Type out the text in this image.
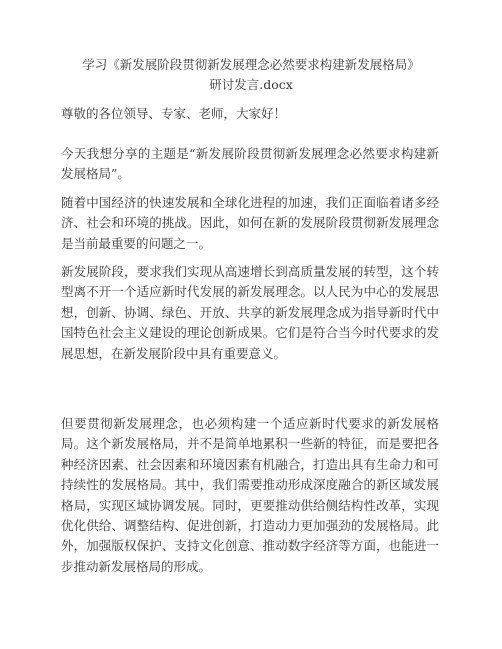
学习《新发展阶段贯彻新发展理念必然要求构建新发展格局》
研讨发言.docx
尊敬的各位领导、专家、老师，大家好！
今天我想分享的主题是“新发展阶段贯彻新发展理念必然要求构建新发展格局”。
随着中国经济的快速发展和全球化进程的加速，我们正面临着诸多经济、社会和环境的挑战。因此，如何在新的发展阶段贯彻新发展理念是当前最重要的问题之一。
新发展阶段，要求我们实现从高速增长到高质量发展的转型，这个转型离不开一个适应新时代发展的新发展理念。以人民为中心的发展思想，创新、协调、绿色、开放、共享的新发展理念成为指导新时代中国特色社会主义建设的理论创新成果。它们是符合当今时代要求的发展思想，在新发展阶段中具有重要意义。
但要贯彻新发展理念，也必须构建一个适应新时代要求的新发展格局。这个新发展格局，并不是简单地累积一些新的特征，而是要把各种经济因素、社会因素和环境因素有机融合，打造出具有生命力和可持续性的发展格局。其中，我们需要推动形成深度融合的新区域发展格局，实现区域协调发展。同时，更要推动供给侧结构性改革，实现优化供给、调整结构、促进创新，打造动力更加强劲的发展格局。此外，加强版权保护、支持文化创意、推动数字经济等方面，也能进一步推动新发展格局的形成。
